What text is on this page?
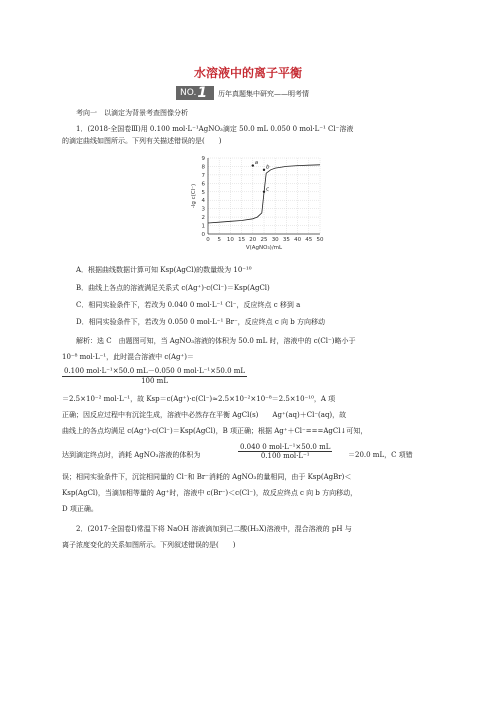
水溶液中的离子平衡
NO. 1 历年真题集中研究——明考情
考向一　以滴定为背景考查图像分析
1．(2018·全国卷Ⅲ)用 0.100 mol·L⁻¹AgNO₃滴定 50.0 mL 0.050 0 mol·L⁻¹ Cl⁻溶液
的滴定曲线如图所示。下列有关描述错误的是(　　)
0 5 10 15 20 25 30 35 40 45 50
0
1
2
3
4
5
6
7
8
9
V(AgNO₃)/mL
-lg c(Cl⁻)
a
b
c
A．根据曲线数据计算可知 Ksp(AgCl)的数量级为 10⁻¹⁰
B．曲线上各点的溶液满足关系式 c(Ag⁺)·c(Cl⁻)＝Ksp(AgCl)
C．相同实验条件下，若改为 0.040 0 mol·L⁻¹ Cl⁻，反应终点 c 移到 a
D．相同实验条件下，若改为 0.050 0 mol·L⁻¹ Br⁻，反应终点 c 向 b 方向移动
解析：选 C　由题图可知，当 AgNO₃溶液的体积为 50.0 mL 时，溶液中的 c(Cl⁻)略小于
10⁻⁸ mol·L⁻¹，此时混合溶液中 c(Ag⁺)＝
0.100 mol·L⁻¹×50.0 mL－0.050 0 mol·L⁻¹×50.0 mL
100 mL
＝2.5×10⁻² mol·L⁻¹，故 Ksp＝c(Ag⁺)·c(Cl⁻)≈2.5×10⁻²×10⁻⁸＝2.5×10⁻¹⁰，A 项
正确；因反应过程中有沉淀生成，溶液中必然存在平衡 AgCl(s)　　Ag⁺(aq)＋Cl⁻(aq)，故
曲线上的各点均满足 c(Ag⁺)·c(Cl⁻)＝Ksp(AgCl)，B 项正确；根据 Ag⁺＋Cl⁻===AgCl↓可知，
达到滴定终点时，消耗 AgNO₃溶液的体积为
0.040 0 mol·L⁻¹×50.0 mL
0.100 mol·L⁻¹	＝20.0 mL，C 项错
误；相同实验条件下，沉淀相同量的 Cl⁻和 Br⁻消耗的 AgNO₃的量相同，由于 Ksp(AgBr)＜
Ksp(AgCl)，当滴加相等量的 Ag⁺时，溶液中 c(Br⁻)＜c(Cl⁻)，故反应终点 c 向 b 方向移动，
D 项正确。
2．(2017·全国卷Ⅰ)常温下将 NaOH 溶液滴加到己二酸(H₂X)溶液中，混合溶液的 pH 与
离子浓度变化的关系如图所示。下列叙述错误的是(　　)
